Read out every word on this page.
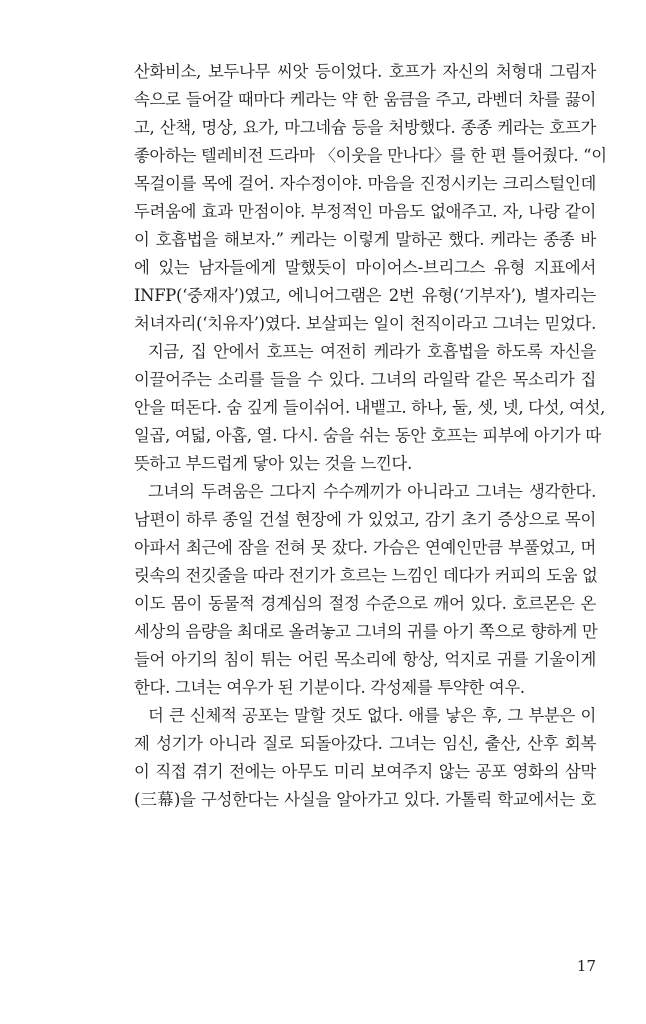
산화비소, 보두나무 씨앗 등이었다. 호프가 자신의 처형대 그림자
속으로 들어갈 때마다 케라는 약 한 움큼을 주고, 라벤더 차를 끓이
고, 산책, 명상, 요가, 마그네슘 등을 처방했다. 종종 케라는 호프가
좋아하는 텔레비전 드라마 〈이웃을 만나다〉를 한 편 틀어줬다. “이
목걸이를 목에 걸어. 자수정이야. 마음을 진정시키는 크리스털인데
두려움에 효과 만점이야. 부정적인 마음도 없애주고. 자, 나랑 같이
이 호흡법을 해보자.” 케라는 이렇게 말하곤 했다. 케라는 종종 바
에 있는 남자들에게 말했듯이 마이어스-브리그스 유형 지표에서
INFP(‘중재자’)였고, 에니어그램은 2번 유형(‘기부자’), 별자리는
처녀자리(‘치유자’)였다. 보살피는 일이 천직이라고 그녀는 믿었다.
지금, 집 안에서 호프는 여전히 케라가 호흡법을 하도록 자신을
이끌어주는 소리를 들을 수 있다. 그녀의 라일락 같은 목소리가 집
안을 떠돈다. 숨 깊게 들이쉬어. 내뱉고. 하나, 둘, 셋, 넷, 다섯, 여섯,
일곱, 여덟, 아홉, 열. 다시. 숨을 쉬는 동안 호프는 피부에 아기가 따
뜻하고 부드럽게 닿아 있는 것을 느낀다.
그녀의 두려움은 그다지 수수께끼가 아니라고 그녀는 생각한다.
남편이 하루 종일 건설 현장에 가 있었고, 감기 초기 증상으로 목이
아파서 최근에 잠을 전혀 못 잤다. 가슴은 연예인만큼 부풀었고, 머
릿속의 전깃줄을 따라 전기가 흐르는 느낌인 데다가 커피의 도움 없
이도 몸이 동물적 경계심의 절정 수준으로 깨어 있다. 호르몬은 온
세상의 음량을 최대로 올려놓고 그녀의 귀를 아기 쪽으로 향하게 만
들어 아기의 침이 튀는 어린 목소리에 항상, 억지로 귀를 기울이게
한다. 그녀는 여우가 된 기분이다. 각성제를 투약한 여우.
더 큰 신체적 공포는 말할 것도 없다. 애를 낳은 후, 그 부분은 이
제 성기가 아니라 질로 되돌아갔다. 그녀는 임신, 출산, 산후 회복
이 직접 겪기 전에는 아무도 미리 보여주지 않는 공포 영화의 삼막
(三幕)을 구성한다는 사실을 알아가고 있다. 가톨릭 학교에서는 호
17
